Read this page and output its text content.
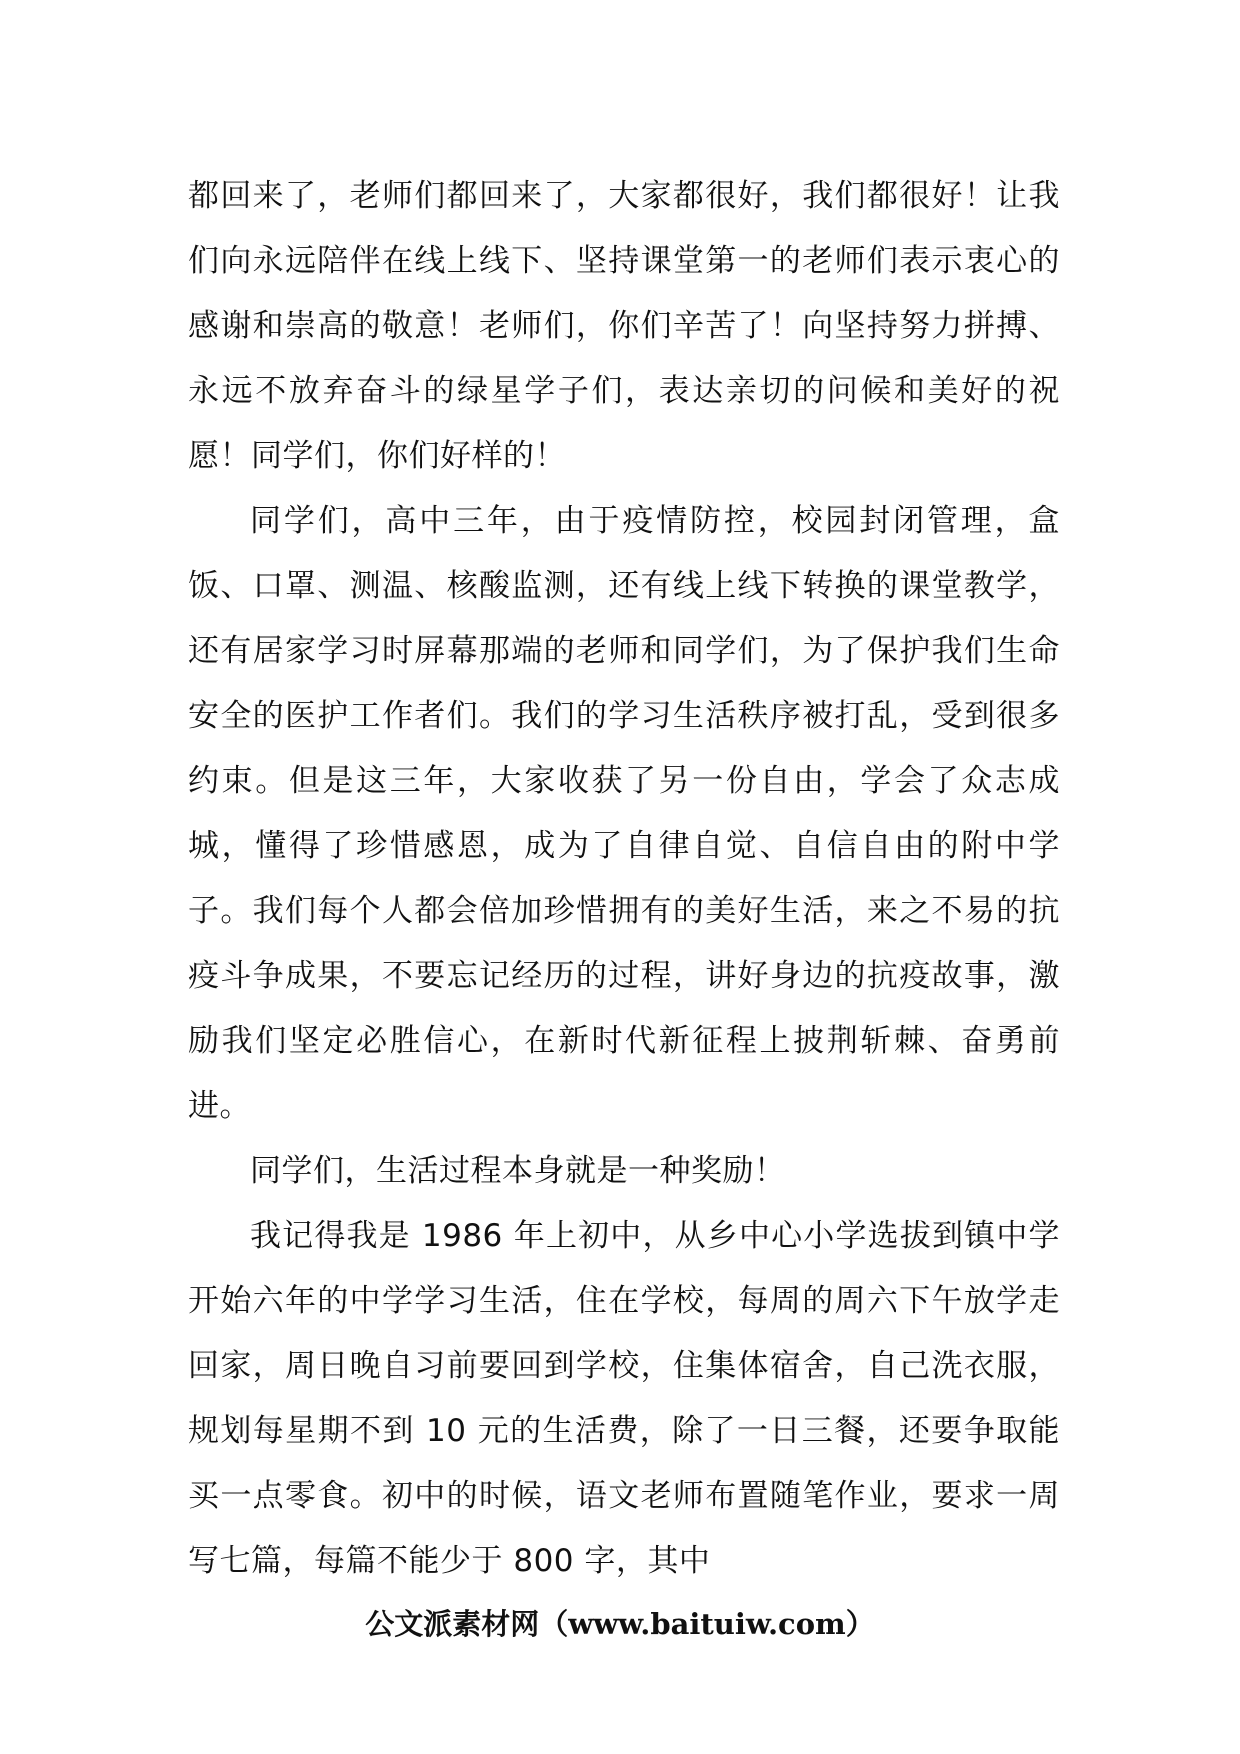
都回来了，老师们都回来了，大家都很好，我们都很好！让我们向永远陪伴在线上线下、坚持课堂第一的老师们表示衷心的感谢和崇高的敬意！老师们，你们辛苦了！向坚持努力拼搏、永远不放弃奋斗的绿星学子们，表达亲切的问候和美好的祝愿！同学们，你们好样的！

同学们，高中三年，由于疫情防控，校园封闭管理，盒饭、口罩、测温、核酸监测，还有线上线下转换的课堂教学，还有居家学习时屏幕那端的老师和同学们，为了保护我们生命安全的医护工作者们。我们的学习生活秩序被打乱，受到很多约束。但是这三年，大家收获了另一份自由，学会了众志成城，懂得了珍惜感恩，成为了自律自觉、自信自由的附中学子。我们每个人都会倍加珍惜拥有的美好生活，来之不易的抗疫斗争成果，不要忘记经历的过程，讲好身边的抗疫故事，激励我们坚定必胜信心，在新时代新征程上披荆斩棘、奋勇前进。

同学们，生活过程本身就是一种奖励！

我记得我是 1986 年上初中，从乡中心小学选拔到镇中学开始六年的中学学习生活，住在学校，每周的周六下午放学走回家，周日晚自习前要回到学校，住集体宿舍，自己洗衣服，规划每星期不到 10 元的生活费，除了一日三餐，还要争取能买一点零食。初中的时候，语文老师布置随笔作业，要求一周写七篇，每篇不能少于 800 字，其中

公文派素材网（www.baituiw.com）
